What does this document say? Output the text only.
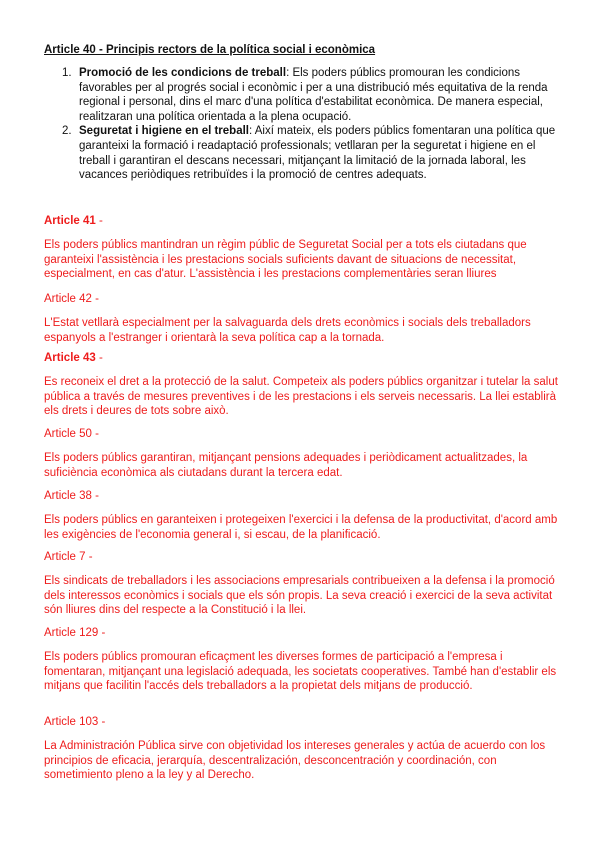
Article 40 - Principis rectors de la política social i econòmica

1. Promoció de les condicions de treball: Els poders públics promouran les condicions favorables per al progrés social i econòmic i per a una distribució més equitativa de la renda regional i personal, dins el marc d'una política d'estabilitat econòmica. De manera especial, realitzaran una política orientada a la plena ocupació.
2. Seguretat i higiene en el treball: Així mateix, els poders públics fomentaran una política que garanteixi la formació i readaptació professionals; vetllaran per la seguretat i higiene en el treball i garantiran el descans necessari, mitjançant la limitació de la jornada laboral, les vacances periòdiques retribuïdes i la promoció de centres adequats.

Article 41 -

Els poders públics mantindran un règim públic de Seguretat Social per a tots els ciutadans que garanteixi l'assistència i les prestacions socials suficients davant de situacions de necessitat, especialment, en cas d'atur. L'assistència i les prestacions complementàries seran lliures

Article 42 -

L'Estat vetllarà especialment per la salvaguarda dels drets econòmics i socials dels treballadors espanyols a l'estranger i orientarà la seva política cap a la tornada.

Article 43 -

Es reconeix el dret a la protecció de la salut. Competeix als poders públics organitzar i tutelar la salut pública a través de mesures preventives i de les prestacions i els serveis necessaris. La llei establirà els drets i deures de tots sobre això.

Article 50 -

Els poders públics garantiran, mitjançant pensions adequades i periòdicament actualitzades, la suficiència econòmica als ciutadans durant la tercera edat.

Article 38 -

Els poders públics en garanteixen i protegeixen l'exercici i la defensa de la productivitat, d'acord amb les exigències de l'economia general i, si escau, de la planificació.

Article 7 -

Els sindicats de treballadors i les associacions empresarials contribueixen a la defensa i la promoció dels interessos econòmics i socials que els són propis. La seva creació i exercici de la seva activitat són lliures dins del respecte a la Constitució i la llei.

Article 129 -

Els poders públics promouran eficaçment les diverses formes de participació a l'empresa i fomentaran, mitjançant una legislació adequada, les societats cooperatives. També han d'establir els mitjans que facilitin l'accés dels treballadors a la propietat dels mitjans de producció.

Article 103 -

La Administración Pública sirve con objetividad los intereses generales y actúa de acuerdo con los principios de eficacia, jerarquía, descentralización, desconcentración y coordinación, con sometimiento pleno a la ley y al Derecho.
